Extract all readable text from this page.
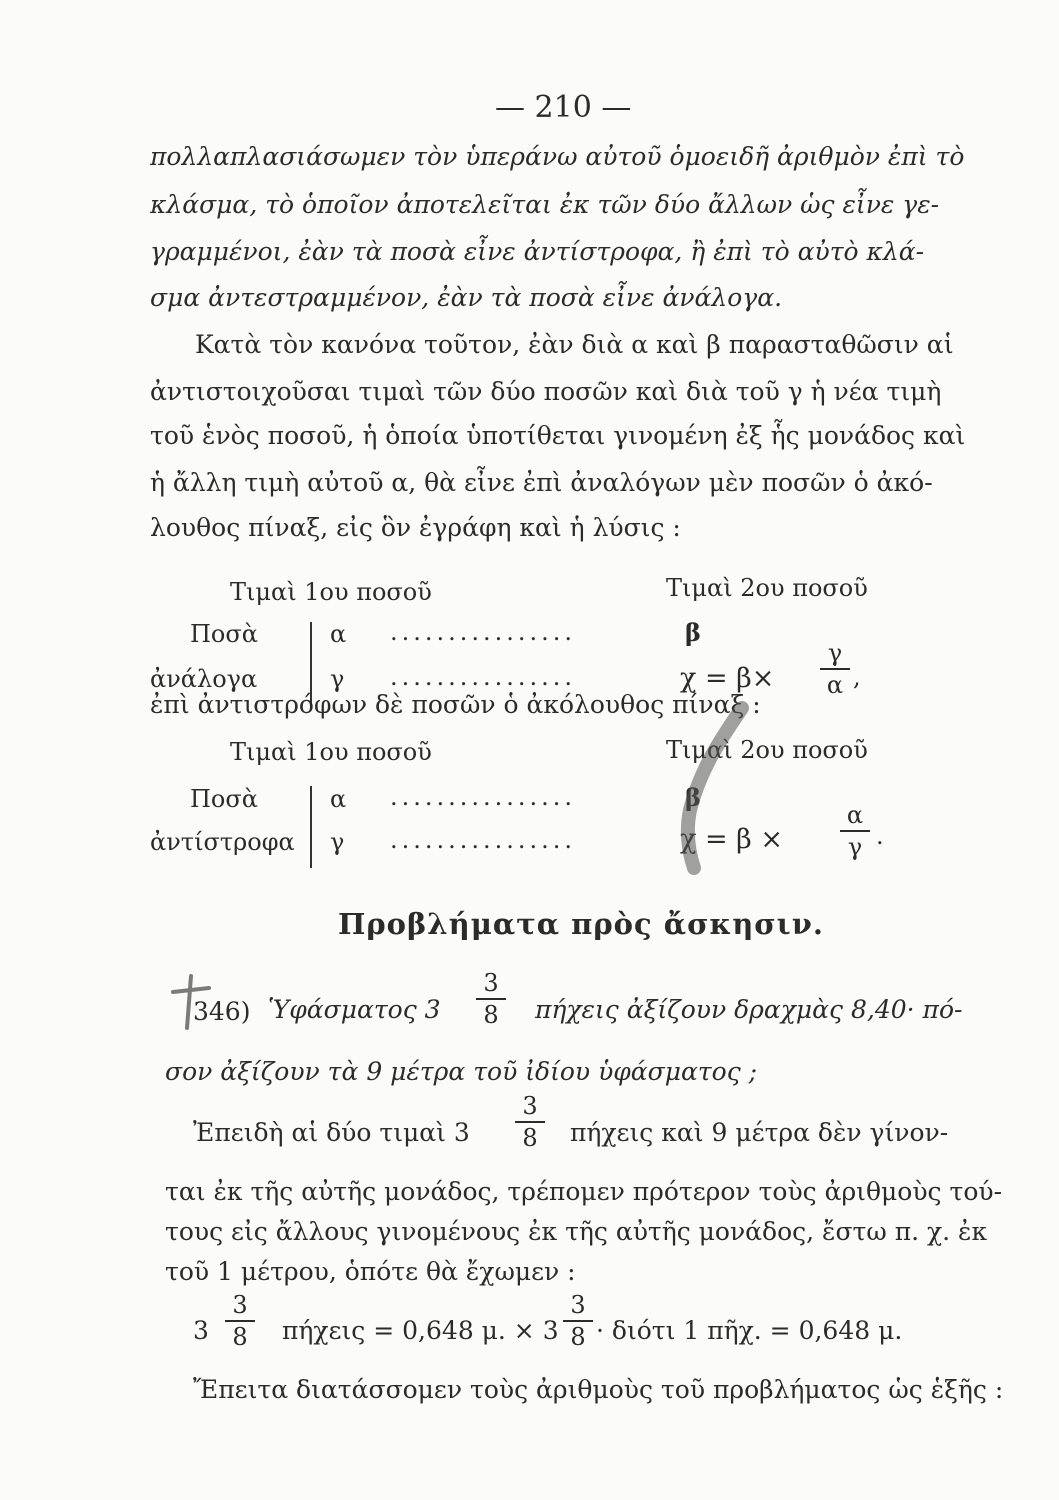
— 210 —
πολλαπλασιάσωμεν τὸν ὑπεράνω αὐτοῦ ὁμοειδῆ ἀριθμὸν ἐπὶ τὸ
κλάσμα, τὸ ὁποῖον ἀποτελεῖται ἐκ τῶν δύο ἄλλων ὡς εἶνε γε-
γραμμένοι, ἐὰν τὰ ποσὰ εἶνε ἀντίστροφα, ἢ ἐπὶ τὸ αὐτὸ κλά-
σμα ἀντεστραμμένον, ἐὰν τὰ ποσὰ εἶνε ἀνάλογα.
Κατὰ τὸν κανόνα τοῦτον, ἐὰν διὰ α καὶ β παρασταθῶσιν αἱ
ἀντιστοιχοῦσαι τιμαὶ τῶν δύο ποσῶν καὶ διὰ τοῦ γ ἡ νέα τιμὴ
τοῦ ἑνὸς ποσοῦ, ἡ ὁποία ὑποτίθεται γινομένη ἐξ ἧς μονάδος καὶ
ἡ ἄλλη τιμὴ αὐτοῦ α, θὰ εἶνε ἐπὶ ἀναλόγων μὲν ποσῶν ὁ ἀκό-
λουθος πίναξ, εἰς ὃν ἐγράφη καὶ ἡ λύσις :
Τιμαὶ 1ου ποσοῦ	Τιμαὶ 2ου ποσοῦ
Ποσὰ
ἀνάλογα
α ................	β
γ ................	χ = β×
γ
α ,
ἐπὶ ἀντιστρόφων δὲ ποσῶν ὁ ἀκόλουθος πίναξ :
Τιμαὶ 1ου ποσοῦ	Τιμαὶ 2ου ποσοῦ
Ποσὰ
ἀντίστροφα
α ................	β
γ ................	χ = β ×
α
γ .
Προβλήματα πρὸς ἄσκησιν.
346) Ὑφάσματος 3
3
8 πήχεις ἀξίζουν δραχμὰς 8,40· πό-
σον ἀξίζουν τὰ 9 μέτρα τοῦ ἰδίου ὑφάσματος ;
Ἐπειδὴ αἱ δύο τιμαὶ 3
3
8 πήχεις καὶ 9 μέτρα δὲν γίνον-
ται ἐκ τῆς αὐτῆς μονάδος, τρέπομεν πρότερον τοὺς ἀριθμοὺς τού-
τους εἰς ἄλλους γινομένους ἐκ τῆς αὐτῆς μονάδος, ἔστω π. χ. ἐκ
τοῦ 1 μέτρου, ὁπότε θὰ ἔχωμεν :
3
3
8 πήχεις = 0,648 μ. × 3
3
8 · διότι 1 πῆχ. = 0,648 μ.
Ἔπειτα διατάσσομεν τοὺς ἀριθμοὺς τοῦ προβλήματος ὡς ἑξῆς :
